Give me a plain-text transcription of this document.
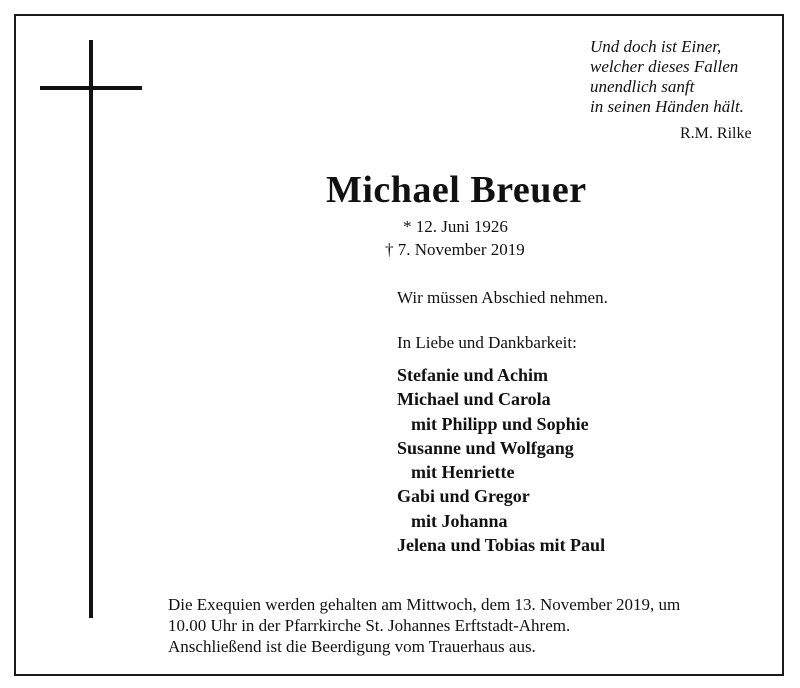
Und doch ist Einer,
welcher dieses Fallen
unendlich sanft
in seinen Händen hält.
R.M. Rilke
Michael Breuer
* 12. Juni 1926
† 7. November 2019
Wir müssen Abschied nehmen.
In Liebe und Dankbarkeit:
Stefanie und Achim
Michael und Carola
mit Philipp und Sophie
Susanne und Wolfgang
mit Henriette
Gabi und Gregor
mit Johanna
Jelena und Tobias mit Paul
Die Exequien werden gehalten am Mittwoch, dem 13. November 2019, um
10.00 Uhr in der Pfarrkirche St. Johannes Erftstadt-Ahrem.
Anschließend ist die Beerdigung vom Trauerhaus aus.
